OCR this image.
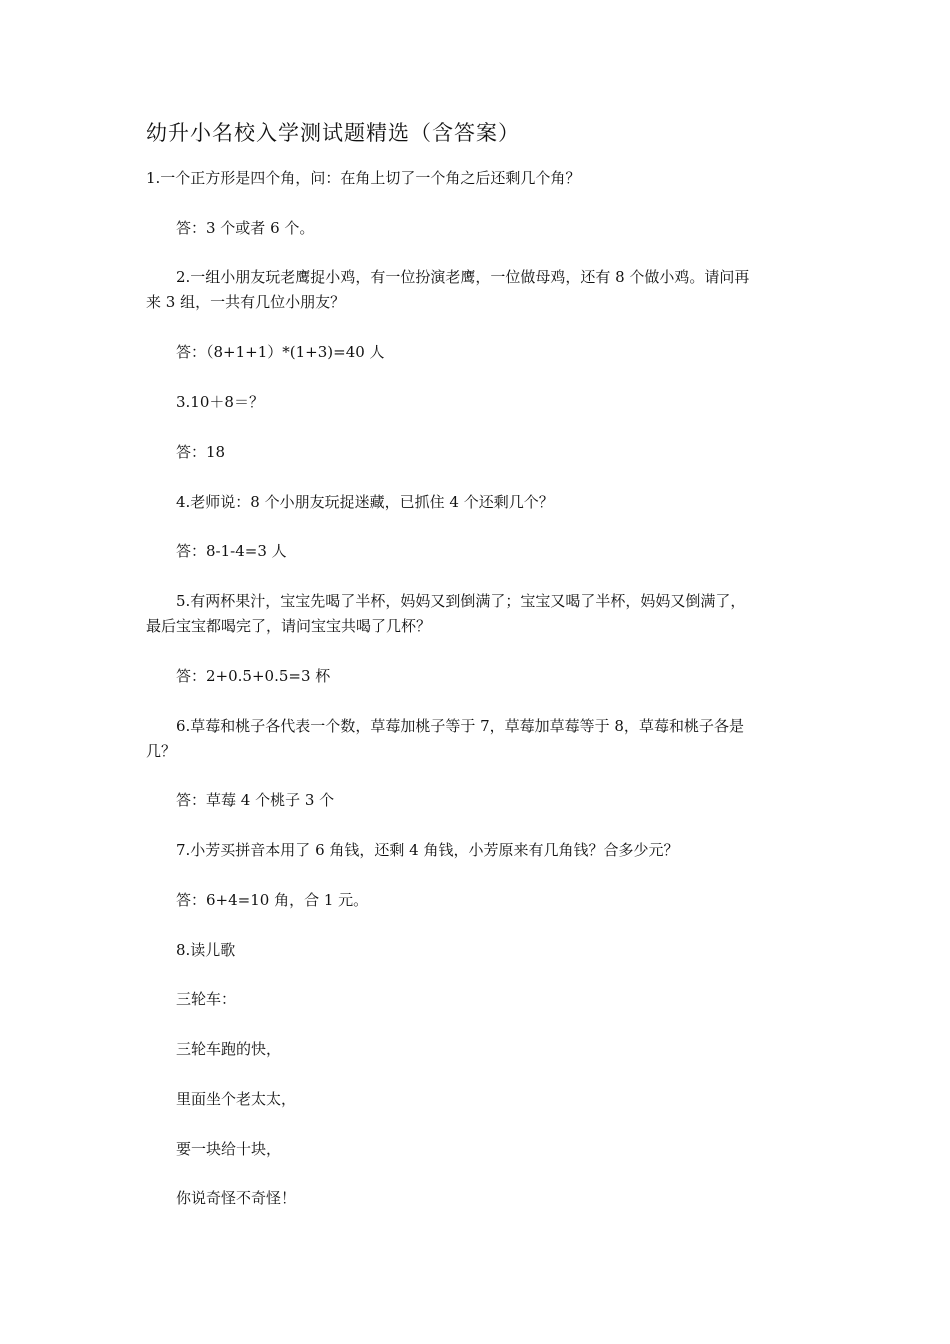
幼升小名校入学测试题精选（含答案）

1.一个正方形是四个角，问：在角上切了一个角之后还剩几个角？

答：3 个或者 6 个。

2.一组小朋友玩老鹰捉小鸡，有一位扮演老鹰，一位做母鸡，还有 8 个做小鸡。请问再

来 3 组，一共有几位小朋友？

答：（8+1+1）*(1+3)=40 人

3.10＋8＝？

答：18

4.老师说：8 个小朋友玩捉迷藏，已抓住 4 个还剩几个？

答：8-1-4=3 人

5.有两杯果汁，宝宝先喝了半杯，妈妈又到倒满了；宝宝又喝了半杯，妈妈又倒满了，

最后宝宝都喝完了，请问宝宝共喝了几杯？

答：2+0.5+0.5=3 杯

6.草莓和桃子各代表一个数，草莓加桃子等于 7，草莓加草莓等于 8，草莓和桃子各是

几？

答：草莓 4 个桃子 3 个

7.小芳买拼音本用了 6 角钱，还剩 4 角钱，小芳原来有几角钱？合多少元？

答：6+4=10 角，合 1 元。

8.读儿歌

三轮车：

三轮车跑的快，

里面坐个老太太，

要一块给十块，

你说奇怪不奇怪！
